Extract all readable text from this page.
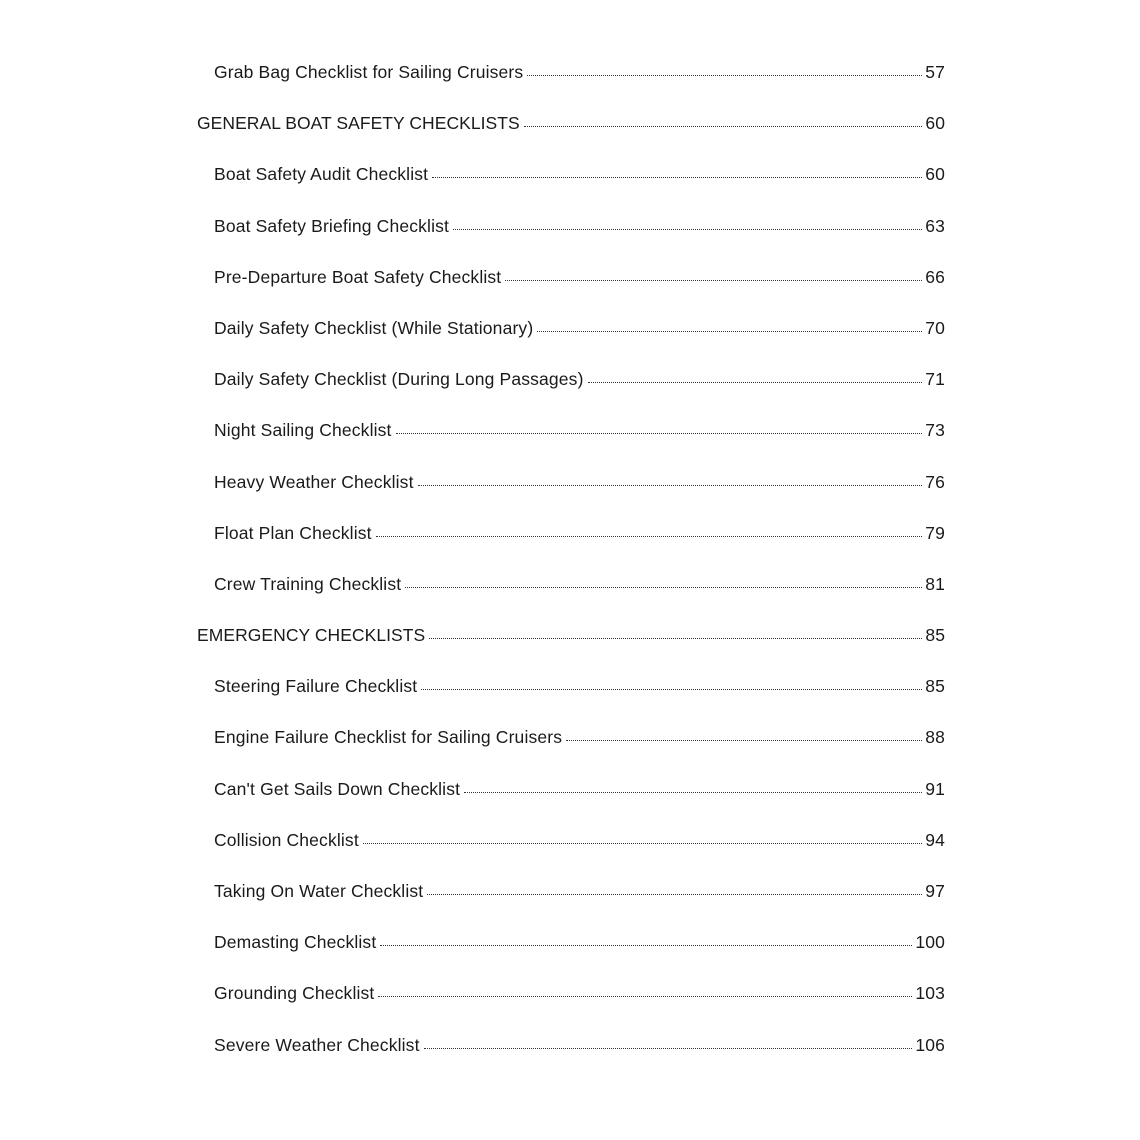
Grab Bag Checklist for Sailing Cruisers	57
GENERAL BOAT SAFETY CHECKLISTS	60
Boat Safety Audit Checklist	60
Boat Safety Briefing Checklist	63
Pre-Departure Boat Safety Checklist	66
Daily Safety Checklist (While Stationary)	70
Daily Safety Checklist (During Long Passages)	71
Night Sailing Checklist	73
Heavy Weather Checklist	76
Float Plan Checklist	79
Crew Training Checklist	81
EMERGENCY CHECKLISTS	85
Steering Failure Checklist	85
Engine Failure Checklist for Sailing Cruisers	88
Can't Get Sails Down Checklist	91
Collision Checklist	94
Taking On Water Checklist	97
Demasting Checklist	100
Grounding Checklist	103
Severe Weather Checklist	106
